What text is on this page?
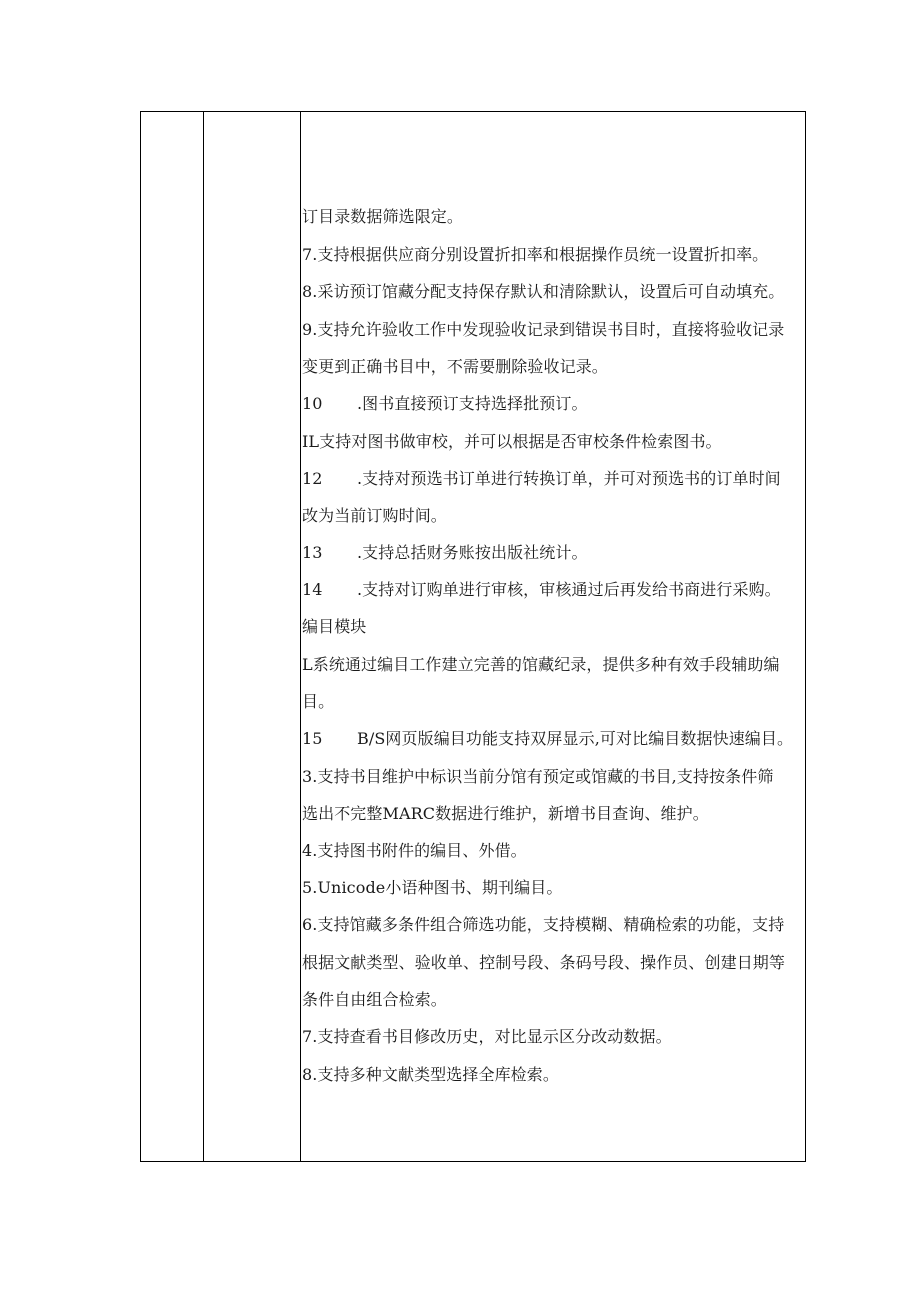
订目录数据筛选限定。
7.支持根据供应商分别设置折扣率和根据操作员统一设置折扣率。
8.采访预订馆藏分配支持保存默认和清除默认，设置后可自动填充。
9.支持允许验收工作中发现验收记录到错误书目时，直接将验收记录
变更到正确书目中，不需要删除验收记录。
10 .图书直接预订支持选择批预订。
IL支持对图书做审校，并可以根据是否审校条件检索图书。
12 .支持对预选书订单进行转换订单，并可对预选书的订单时间
改为当前订购时间。
13 .支持总括财务账按出版社统计。
14 .支持对订购单进行审核，审核通过后再发给书商进行采购。
编目模块
L系统通过编目工作建立完善的馆藏纪录，提供多种有效手段辅助编
目。
15 B/S网页版编目功能支持双屏显示,可对比编目数据快速编目。
3.支持书目维护中标识当前分馆有预定或馆藏的书目,支持按条件筛
选出不完整MARC数据进行维护，新增书目查询、维护。
4.支持图书附件的编目、外借。
5.Unicode小语种图书、期刊编目。
6.支持馆藏多条件组合筛选功能，支持模糊、精确检索的功能，支持
根据文献类型、验收单、控制号段、条码号段、操作员、创建日期等
条件自由组合检索。
7.支持查看书目修改历史，对比显示区分改动数据。
8.支持多种文献类型选择全库检索。
